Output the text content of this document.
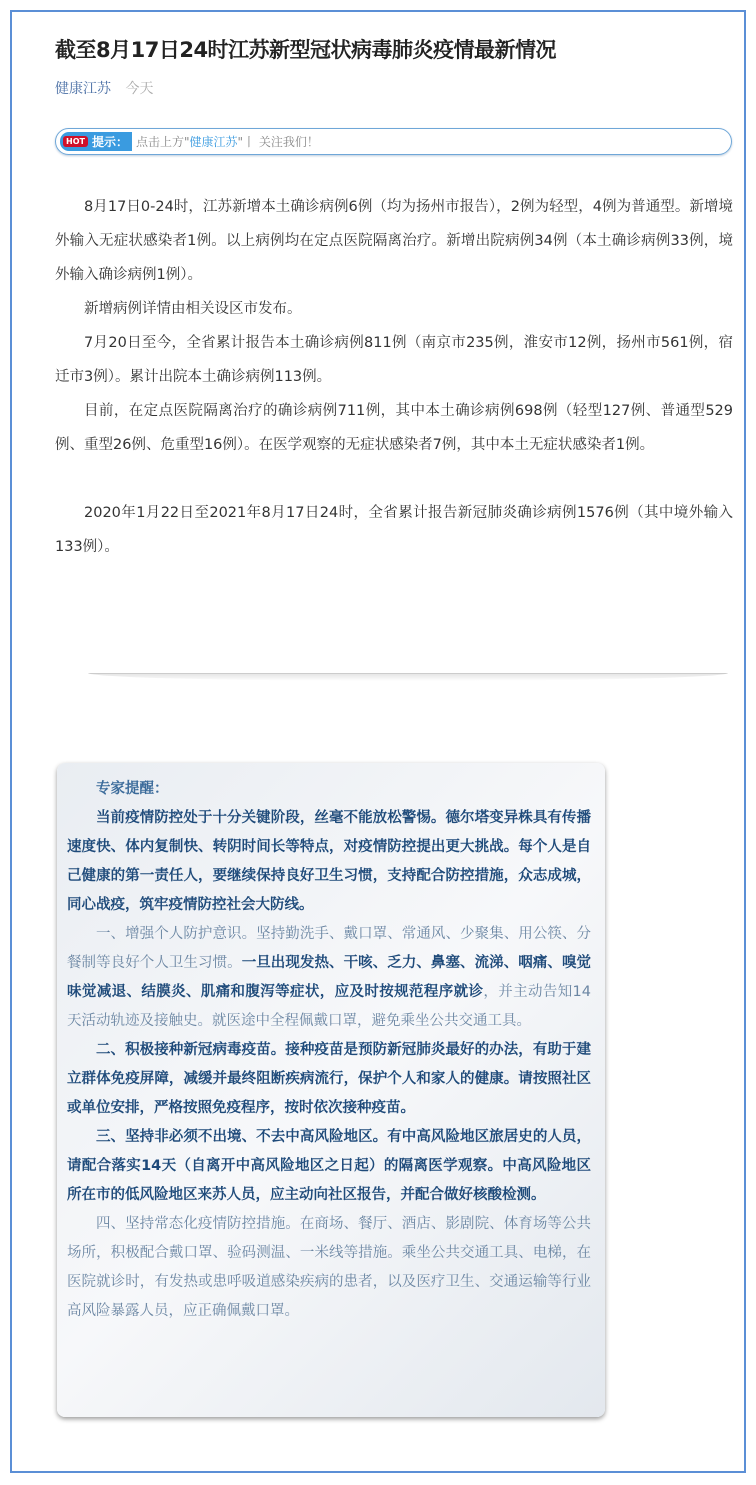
截至8月17日24时江苏新型冠状病毒肺炎疫情最新情况
健康江苏 今天
HOT 提示： 点击上方"健康江苏"丨 关注我们！

8月17日0-24时，江苏新增本土确诊病例6例（均为扬州市报告），2例为轻型，4例为普通型。新增境外输入无症状感染者1例。以上病例均在定点医院隔离治疗。新增出院病例34例（本土确诊病例33例，境外输入确诊病例1例）。

新增病例详情由相关设区市发布。

7月20日至今，全省累计报告本土确诊病例811例（南京市235例，淮安市12例，扬州市561例，宿迁市3例）。累计出院本土确诊病例113例。

目前，在定点医院隔离治疗的确诊病例711例，其中本土确诊病例698例（轻型127例、普通型529例、重型26例、危重型16例）。在医学观察的无症状感染者7例，其中本土无症状感染者1例。

2020年1月22日至2021年8月17日24时，全省累计报告新冠肺炎确诊病例1576例（其中境外输入133例）。

专家提醒：

当前疫情防控处于十分关键阶段，丝毫不能放松警惕。德尔塔变异株具有传播速度快、体内复制快、转阴时间长等特点，对疫情防控提出更大挑战。每个人是自己健康的第一责任人，要继续保持良好卫生习惯，支持配合防控措施，众志成城，同心战疫，筑牢疫情防控社会大防线。

一、增强个人防护意识。坚持勤洗手、戴口罩、常通风、少聚集、用公筷、分餐制等良好个人卫生习惯。一旦出现发热、干咳、乏力、鼻塞、流涕、咽痛、嗅觉味觉减退、结膜炎、肌痛和腹泻等症状，应及时按规范程序就诊，并主动告知14天活动轨迹及接触史。就医途中全程佩戴口罩，避免乘坐公共交通工具。

二、积极接种新冠病毒疫苗。接种疫苗是预防新冠肺炎最好的办法，有助于建立群体免疫屏障，减缓并最终阻断疾病流行，保护个人和家人的健康。请按照社区或单位安排，严格按照免疫程序，按时依次接种疫苗。

三、坚持非必须不出境、不去中高风险地区。有中高风险地区旅居史的人员，请配合落实14天（自离开中高风险地区之日起）的隔离医学观察。中高风险地区所在市的低风险地区来苏人员，应主动向社区报告，并配合做好核酸检测。

四、坚持常态化疫情防控措施。在商场、餐厅、酒店、影剧院、体育场等公共场所，积极配合戴口罩、验码测温、一米线等措施。乘坐公共交通工具、电梯，在医院就诊时，有发热或患呼吸道感染疾病的患者，以及医疗卫生、交通运输等行业高风险暴露人员，应正确佩戴口罩。
